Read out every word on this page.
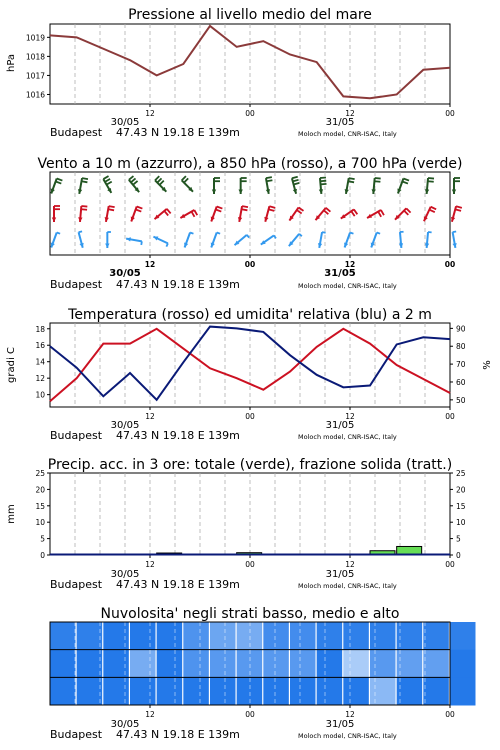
Pressione al livello medio del mare
hPa
1016
1017
1018
1019
12	00	12	00
30/05	31/05
Budapest 47.43 N 19.18 E 139m	Moloch model, CNR-ISAC, Italy
Vento a 10 m (azzurro), a 850 hPa (rosso), a 700 hPa (verde)
12	00	12	00
30/05	31/05
Budapest 47.43 N 19.18 E 139m	Moloch model, CNR-ISAC, Italy
Temperatura (rosso) ed umidita' relativa (blu) a 2 m
gradi C	%
10
12
14
16
18
50
60
70
80
90
12	00	12	00
30/05	31/05
Budapest 47.43 N 19.18 E 139m	Moloch model, CNR-ISAC, Italy
Precip. acc. in 3 ore: totale (verde), frazione solida (tratt.)
mm
0	0
5	5
10	10
15	15
20	20
25	25
12	00	12	00
30/05	31/05
Budapest 47.43 N 19.18 E 139m	Moloch model, CNR-ISAC, Italy
Nuvolosita' negli strati basso, medio e alto
12	00	12	00
30/05	31/05
Budapest 47.43 N 19.18 E 139m	Moloch model, CNR-ISAC, Italy
